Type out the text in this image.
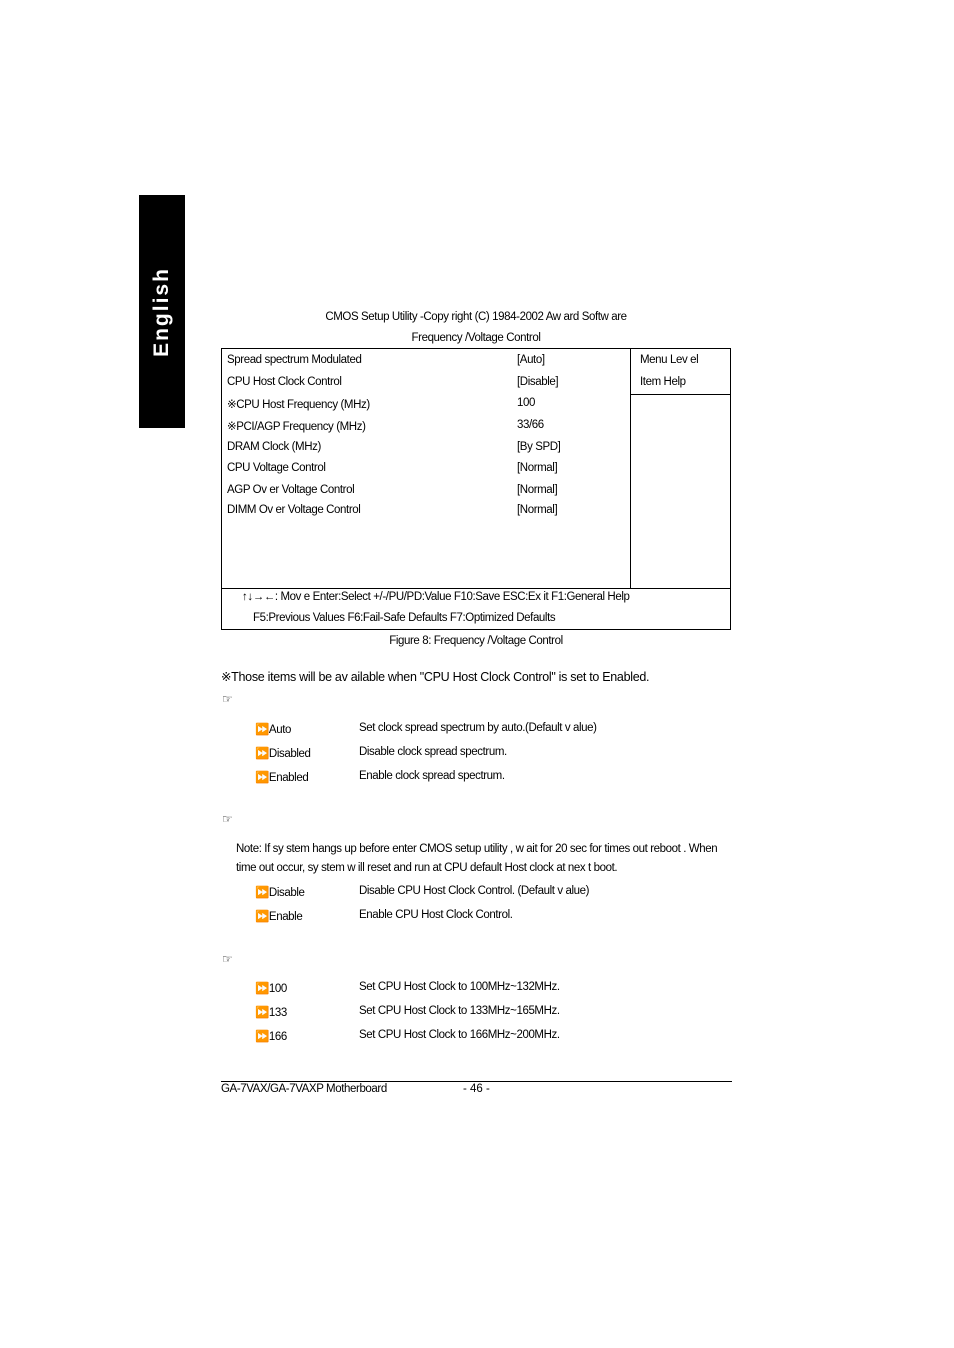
English	CMOS Setup Utility -Copy right (C) 1984-2002 Aw ard Softw are
Frequency /Voltage Control
Spread spectrum Modulated	[Auto]
CPU Host Clock Control	[Disable]
※CPU Host Frequency (MHz)	100
※PCI/AGP Frequency (MHz)	33/66
DRAM Clock (MHz)	[By SPD]
CPU Voltage Control	[Normal]
AGP Ov er Voltage Control	[Normal]
DIMM Ov er Voltage Control	[Normal]
Menu Lev el
Item Help
↑↓→←: Mov e Enter:Select +/-/PU/PD:Value F10:Save ESC:Ex it F1:General Help
F5:Previous Values F6:Fail-Safe Defaults F7:Optimized Defaults
Figure 8: Frequency /Voltage Control
※Those items will be av ailable when "CPU Host Clock Control" is set to Enabled.
☞
⏩Auto	Set clock spread spectrum by auto.(Default v alue)
⏩Disabled	Disable clock spread spectrum.
⏩Enabled	Enable clock spread spectrum.
☞
Note: If sy stem hangs up before enter CMOS setup utility , w ait for 20 sec for times out reboot . When
time out occur, sy stem w ill reset and run at CPU default Host clock at nex t boot.
⏩Disable	Disable CPU Host Clock Control. (Default v alue)
⏩Enable	Enable CPU Host Clock Control.
☞
⏩100	Set CPU Host Clock to 100MHz~132MHz.
⏩133	Set CPU Host Clock to 133MHz~165MHz.
⏩166	Set CPU Host Clock to 166MHz~200MHz.
GA-7VAX/GA-7VAXP Motherboard	- 46 -
